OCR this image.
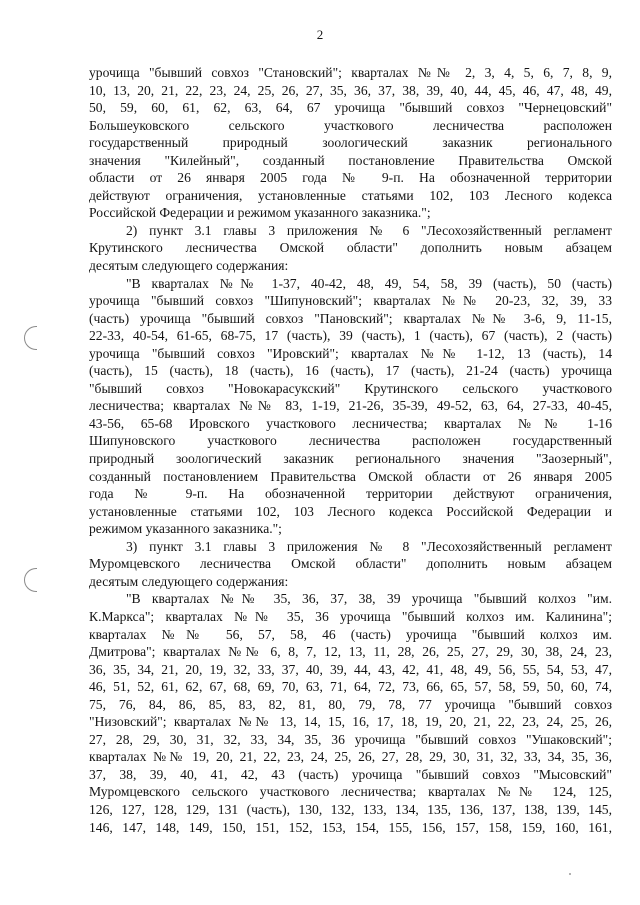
2
урочища "бывший совхоз "Становский"; кварталах №№ 2, 3, 4, 5, 6, 7, 8, 9,
10, 13, 20, 21, 22, 23, 24, 25, 26, 27, 35, 36, 37, 38, 39, 40, 44, 45, 46, 47, 48, 49,
50, 59, 60, 61, 62, 63, 64, 67 урочища "бывший совхоз "Чернецовский"
Большеуковского сельского участкового лесничества расположен
государственный природный зоологический заказник регионального
значения "Килейный", созданный постановление Правительства Омской
области от 26 января 2005 года № 9-п. На обозначенной территории
действуют ограничения, установленные статьями 102, 103 Лесного кодекса
Российской Федерации и режимом указанного заказника.";
2) пункт 3.1 главы 3 приложения № 6 "Лесохозяйственный регламент
Крутинского лесничества Омской области" дополнить новым абзацем
десятым следующего содержания:
"В кварталах №№ 1-37, 40-42, 48, 49, 54, 58, 39 (часть), 50 (часть)
урочища "бывший совхоз "Шипуновский"; кварталах №№ 20-23, 32, 39, 33
(часть) урочища "бывший совхоз "Пановский"; кварталах №№ 3-6, 9, 11-15,
22-33, 40-54, 61-65, 68-75, 17 (часть), 39 (часть), 1 (часть), 67 (часть), 2 (часть)
урочища "бывший совхоз "Ировский"; кварталах №№ 1-12, 13 (часть), 14
(часть), 15 (часть), 18 (часть), 16 (часть), 17 (часть), 21-24 (часть) урочища
"бывший совхоз "Новокарасукский" Крутинского сельского участкового
лесничества; кварталах №№ 83, 1-19, 21-26, 35-39, 49-52, 63, 64, 27-33, 40-45,
43-56, 65-68 Ировского участкового лесничества; кварталах №№ 1-16
Шипуновского участкового лесничества расположен государственный
природный зоологический заказник регионального значения "Заозерный",
созданный постановлением Правительства Омской области от 26 января 2005
года № 9-п. На обозначенной территории действуют ограничения,
установленные статьями 102, 103 Лесного кодекса Российской Федерации и
режимом указанного заказника.";
3) пункт 3.1 главы 3 приложения № 8 "Лесохозяйственный регламент
Муромцевского лесничества Омской области" дополнить новым абзацем
десятым следующего содержания:
"В кварталах №№ 35, 36, 37, 38, 39 урочища "бывший колхоз "им.
К.Маркса"; кварталах №№ 35, 36 урочища "бывший колхоз им. Калинина";
кварталах №№ 56, 57, 58, 46 (часть) урочища "бывший колхоз им.
Дмитрова"; кварталах №№ 6, 8, 7, 12, 13, 11, 28, 26, 25, 27, 29, 30, 38, 24, 23,
36, 35, 34, 21, 20, 19, 32, 33, 37, 40, 39, 44, 43, 42, 41, 48, 49, 56, 55, 54, 53, 47,
46, 51, 52, 61, 62, 67, 68, 69, 70, 63, 71, 64, 72, 73, 66, 65, 57, 58, 59, 50, 60, 74,
75, 76, 84, 86, 85, 83, 82, 81, 80, 79, 78, 77 урочища "бывший совхоз
"Низовский"; кварталах №№ 13, 14, 15, 16, 17, 18, 19, 20, 21, 22, 23, 24, 25, 26,
27, 28, 29, 30, 31, 32, 33, 34, 35, 36 урочища "бывший совхоз "Ушаковский";
кварталах №№ 19, 20, 21, 22, 23, 24, 25, 26, 27, 28, 29, 30, 31, 32, 33, 34, 35, 36,
37, 38, 39, 40, 41, 42, 43 (часть) урочища "бывший совхоз "Мысовский"
Муромцевского сельского участкового лесничества; кварталах №№ 124, 125,
126, 127, 128, 129, 131 (часть), 130, 132, 133, 134, 135, 136, 137, 138, 139, 145,
146, 147, 148, 149, 150, 151, 152, 153, 154, 155, 156, 157, 158, 159, 160, 161,
